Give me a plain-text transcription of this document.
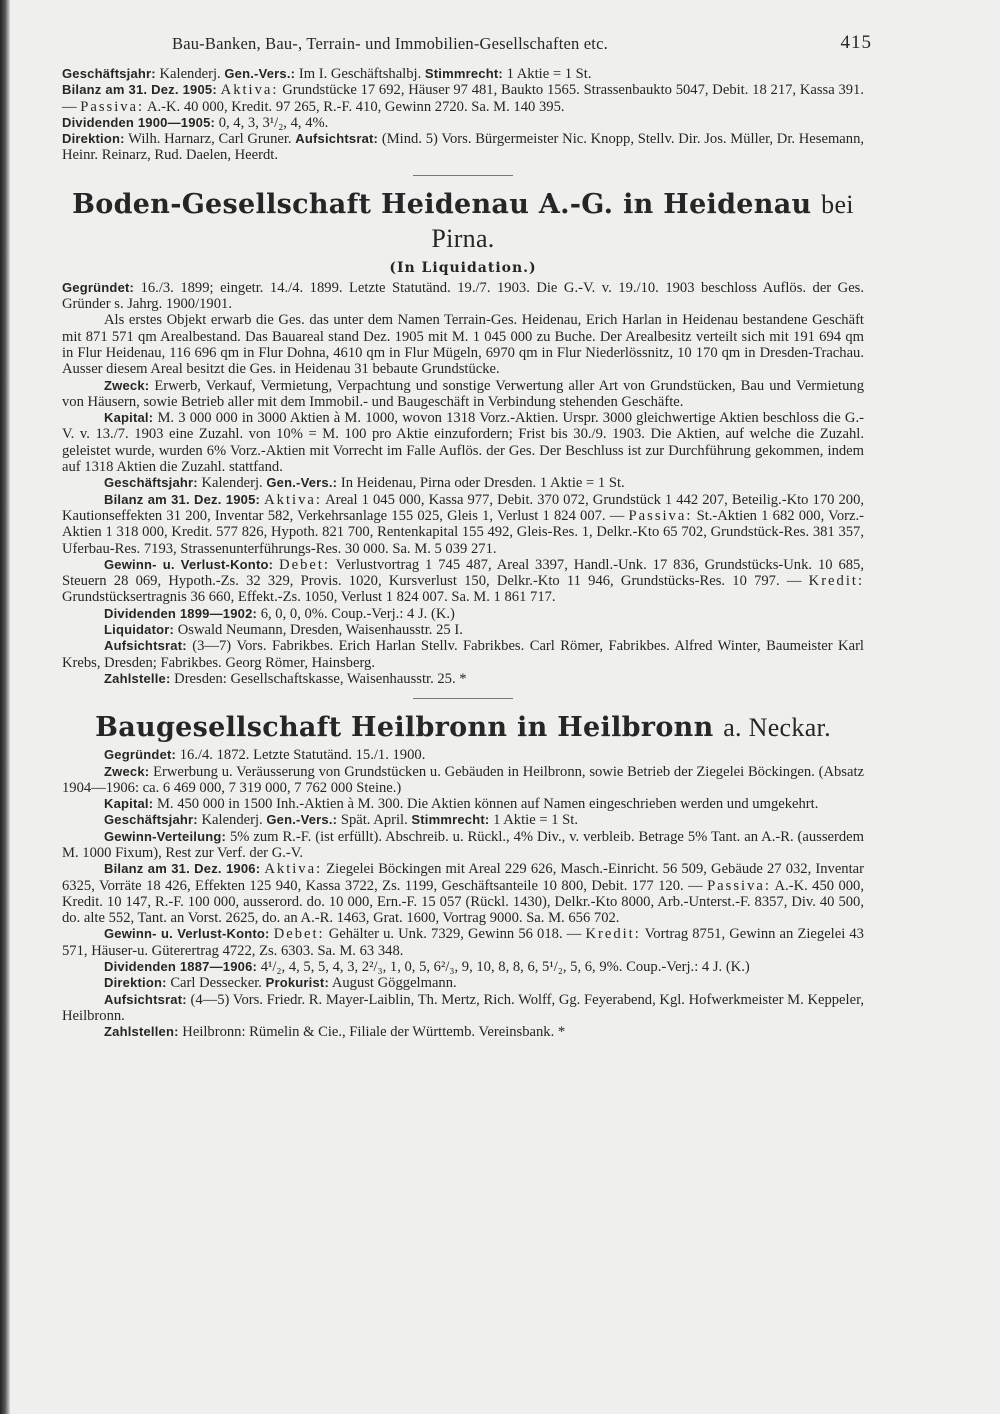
Bau-Banken, Bau-, Terrain- und Immobilien-Gesellschaften etc.	415

Geschäftsjahr: Kalenderj. Gen.-Vers.: Im I. Geschäftshalbj. Stimmrecht: 1 Aktie = 1 St.

Bilanz am 31. Dez. 1905: Aktiva: Grundstücke 17 692, Häuser 97 481, Baukto 1565. Strassenbaukto 5047, Debit. 18 217, Kassa 391. — Passiva: A.-K. 40 000, Kredit. 97 265, R.-F. 410, Gewinn 2720. Sa. M. 140 395.

Dividenden 1900—1905: 0, 4, 3, 3¹/₂, 4, 4%.

Direktion: Wilh. Harnarz, Carl Gruner. Aufsichtsrat: (Mind. 5) Vors. Bürgermeister Nic. Knopp, Stellv. Dir. Jos. Müller, Dr. Hesemann, Heinr. Reinarz, Rud. Daelen, Heerdt.

Boden-Gesellschaft Heidenau A.-G. in Heidenau bei Pirna.
(In Liquidation.)

Gegründet: 16./3. 1899; eingetr. 14./4. 1899. Letzte Statutänd. 19./7. 1903. Die G.-V. v. 19./10. 1903 beschloss Auflös. der Ges. Gründer s. Jahrg. 1900/1901.

Als erstes Objekt erwarb die Ges. das unter dem Namen Terrain-Ges. Heidenau, Erich Harlan in Heidenau bestandene Geschäft mit 871 571 qm Arealbestand. Das Bauareal stand Dez. 1905 mit M. 1 045 000 zu Buche. Der Arealbesitz verteilt sich mit 191 694 qm in Flur Heidenau, 116 696 qm in Flur Dohna, 4610 qm in Flur Mügeln, 6970 qm in Flur Niederlössnitz, 10 170 qm in Dresden-Trachau. Ausser diesem Areal besitzt die Ges. in Heidenau 31 bebaute Grundstücke.

Zweck: Erwerb, Verkauf, Vermietung, Verpachtung und sonstige Verwertung aller Art von Grundstücken, Bau und Vermietung von Häusern, sowie Betrieb aller mit dem Immobil.- und Baugeschäft in Verbindung stehenden Geschäfte.

Kapital: M. 3 000 000 in 3000 Aktien à M. 1000, wovon 1318 Vorz.-Aktien. Urspr. 3000 gleichwertige Aktien beschloss die G.-V. v. 13./7. 1903 eine Zuzahl. von 10% = M. 100 pro Aktie einzufordern; Frist bis 30./9. 1903. Die Aktien, auf welche die Zuzahl. geleistet wurde, wurden 6% Vorz.-Aktien mit Vorrecht im Falle Auflös. der Ges. Der Beschluss ist zur Durchführung gekommen, indem auf 1318 Aktien die Zuzahl. stattfand.

Geschäftsjahr: Kalenderj. Gen.-Vers.: In Heidenau, Pirna oder Dresden. 1 Aktie = 1 St.

Bilanz am 31. Dez. 1905: Aktiva: Areal 1 045 000, Kassa 977, Debit. 370 072, Grundstück 1 442 207, Beteilig.-Kto 170 200, Kautionseffekten 31 200, Inventar 582, Verkehrsanlage 155 025, Gleis 1, Verlust 1 824 007. — Passiva: St.-Aktien 1 682 000, Vorz.-Aktien 1 318 000, Kredit. 577 826, Hypoth. 821 700, Rentenkapital 155 492, Gleis-Res. 1, Delkr.-Kto 65 702, Grundstück-Res. 381 357, Uferbau-Res. 7193, Strassenunterführungs-Res. 30 000. Sa. M. 5 039 271.

Gewinn- u. Verlust-Konto: Debet: Verlustvortrag 1 745 487, Areal 3397, Handl.-Unk. 17 836, Grundstücks-Unk. 10 685, Steuern 28 069, Hypoth.-Zs. 32 329, Provis. 1020, Kursverlust 150, Delkr.-Kto 11 946, Grundstücks-Res. 10 797. — Kredit: Grundstücksertragnis 36 660, Effekt.-Zs. 1050, Verlust 1 824 007. Sa. M. 1 861 717.

Dividenden 1899—1902: 6, 0, 0, 0%. Coup.-Verj.: 4 J. (K.)

Liquidator: Oswald Neumann, Dresden, Waisenhausstr. 25 I.

Aufsichtsrat: (3—7) Vors. Fabrikbes. Erich Harlan Stellv. Fabrikbes. Carl Römer, Fabrikbes. Alfred Winter, Baumeister Karl Krebs, Dresden; Fabrikbes. Georg Römer, Hainsberg.

Zahlstelle: Dresden: Gesellschaftskasse, Waisenhausstr. 25. *

Baugesellschaft Heilbronn in Heilbronn a. Neckar.

Gegründet: 16./4. 1872. Letzte Statutänd. 15./1. 1900.

Zweck: Erwerbung u. Veräusserung von Grundstücken u. Gebäuden in Heilbronn, sowie Betrieb der Ziegelei Böckingen. (Absatz 1904—1906: ca. 6 469 000, 7 319 000, 7 762 000 Steine.)

Kapital: M. 450 000 in 1500 Inh.-Aktien à M. 300. Die Aktien können auf Namen eingeschrieben werden und umgekehrt.

Geschäftsjahr: Kalenderj. Gen.-Vers.: Spät. April. Stimmrecht: 1 Aktie = 1 St.

Gewinn-Verteilung: 5% zum R.-F. (ist erfüllt). Abschreib. u. Rückl., 4% Div., v. verbleib. Betrage 5% Tant. an A.-R. (ausserdem M. 1000 Fixum), Rest zur Verf. der G.-V.

Bilanz am 31. Dez. 1906: Aktiva: Ziegelei Böckingen mit Areal 229 626, Masch.-Einricht. 56 509, Gebäude 27 032, Inventar 6325, Vorräte 18 426, Effekten 125 940, Kassa 3722, Zs. 1199, Geschäftsanteile 10 800, Debit. 177 120. — Passiva: A.-K. 450 000, Kredit. 10 147, R.-F. 100 000, ausserord. do. 10 000, Ern.-F. 15 057 (Rückl. 1430), Delkr.-Kto 8000, Arb.-Unterst.-F. 8357, Div. 40 500, do. alte 552, Tant. an Vorst. 2625, do. an A.-R. 1463, Grat. 1600, Vortrag 9000. Sa. M. 656 702.

Gewinn- u. Verlust-Konto: Debet: Gehälter u. Unk. 7329, Gewinn 56 018. — Kredit: Vortrag 8751, Gewinn an Ziegelei 43 571, Häuser-u. Güterertrag 4722, Zs. 6303. Sa. M. 63 348.

Dividenden 1887—1906: 4¹/₂, 4, 5, 5, 4, 3, 2²/₃, 1, 0, 5, 6²/₃, 9, 10, 8, 8, 6, 5¹/₂, 5, 6, 9%. Coup.-Verj.: 4 J. (K.)

Direktion: Carl Dessecker. Prokurist: August Göggelmann.

Aufsichtsrat: (4—5) Vors. Friedr. R. Mayer-Laiblin, Th. Mertz, Rich. Wolff, Gg. Feyerabend, Kgl. Hofwerkmeister M. Keppeler, Heilbronn.

Zahlstellen: Heilbronn: Rümelin & Cie., Filiale der Württemb. Vereinsbank. *
